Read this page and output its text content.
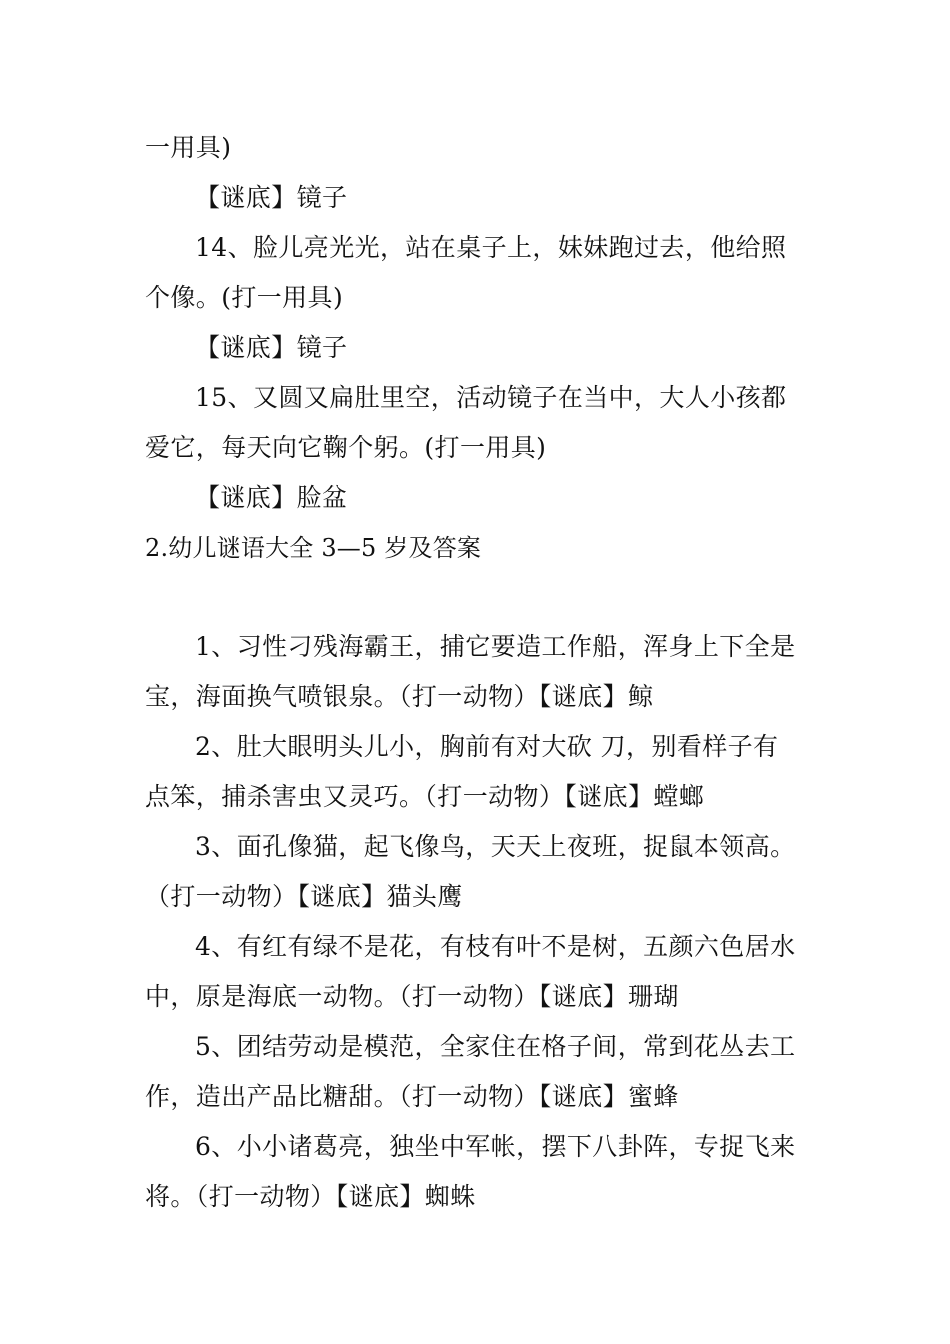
一用具)
【谜底】镜子
14、脸儿亮光光，站在桌子上，妹妹跑过去，他给照
个像。(打一用具)
【谜底】镜子
15、又圆又扁肚里空，活动镜子在当中，大人小孩都
爱它，每天向它鞠个躬。(打一用具)
【谜底】脸盆
2.幼儿谜语大全 3—5 岁及答案
1、习性刁残海霸王，捕它要造工作船，浑身上下全是
宝，海面换气喷银泉。（打一动物）【谜底】鲸
2、肚大眼明头儿小，胸前有对大砍 刀，别看样子有
点笨，捕杀害虫又灵巧。（打一动物）【谜底】螳螂
3、面孔像猫，起飞像鸟，天天上夜班，捉鼠本领高。
（打一动物）【谜底】猫头鹰
4、有红有绿不是花，有枝有叶不是树，五颜六色居水
中，原是海底一动物。（打一动物）【谜底】珊瑚
5、团结劳动是模范，全家住在格子间，常到花丛去工
作，造出产品比糖甜。（打一动物）【谜底】蜜蜂
6、小小诸葛亮，独坐中军帐，摆下八卦阵，专捉飞来
将。（打一动物）【谜底】蜘蛛
